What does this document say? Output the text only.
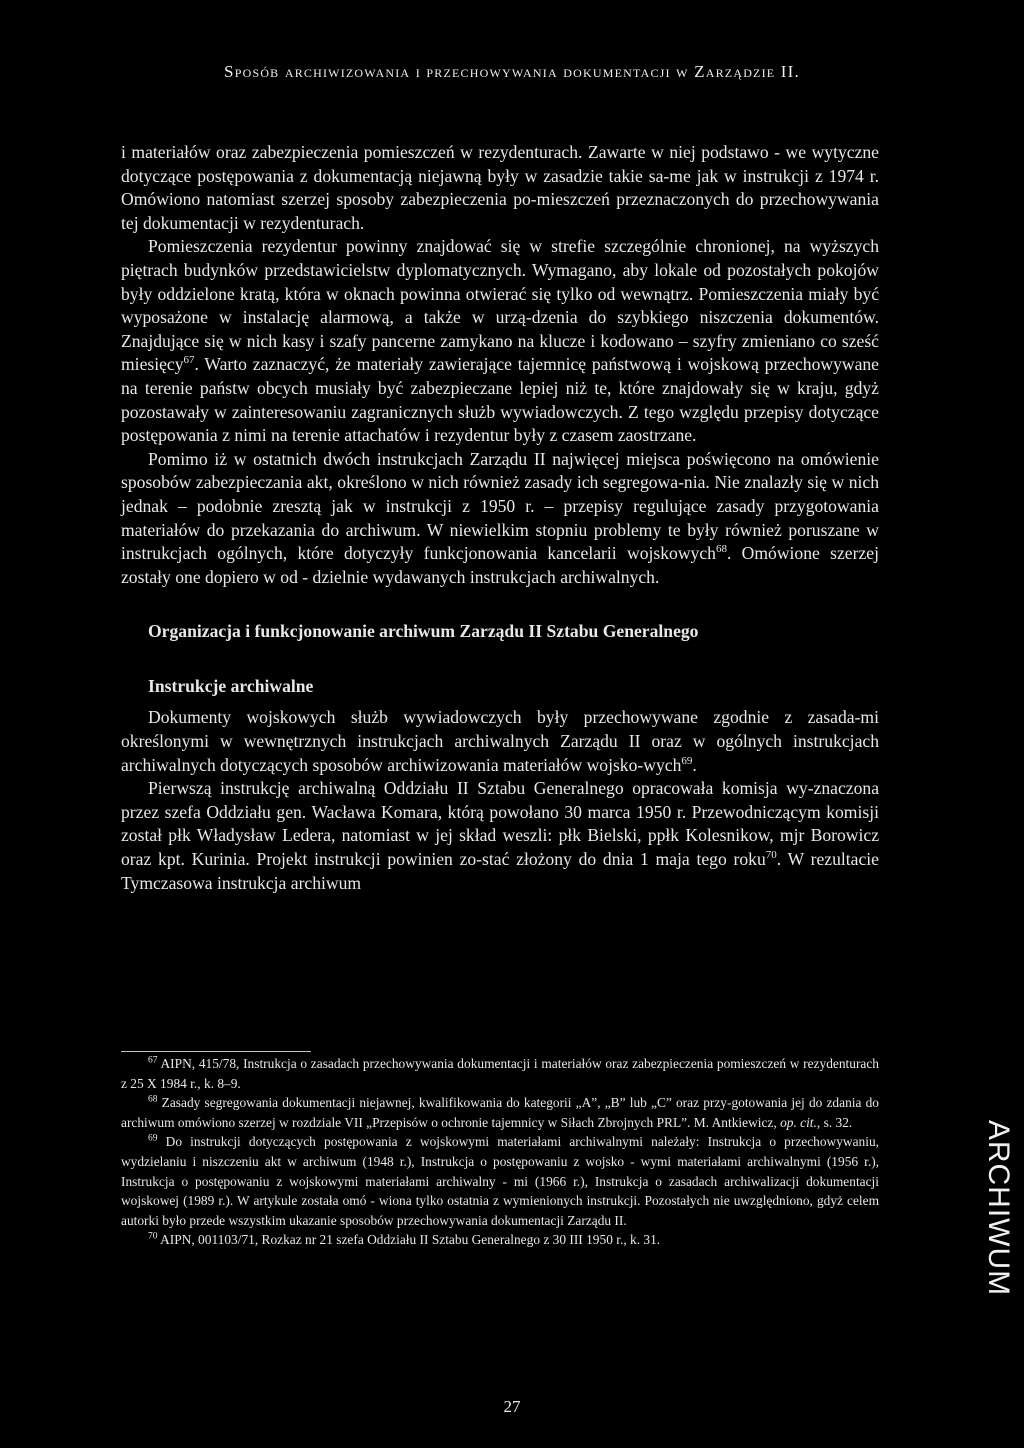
Sposób archiwizowania i przechowywania dokumentacji w Zarządzie II.

i materiałów oraz zabezpieczenia pomieszczeń w rezydenturach. Zawarte w niej podstawo - we wytyczne dotyczące postępowania z dokumentacją niejawną były w zasadzie takie sa-me jak w instrukcji z 1974 r. Omówiono natomiast szerzej sposoby zabezpieczenia po-mieszczeń przeznaczonych do przechowywania tej dokumentacji w rezydenturach.

Pomieszczenia rezydentur powinny znajdować się w strefie szczególnie chronionej, na wyższych piętrach budynków przedstawicielstw dyplomatycznych. Wymagano, aby lokale od pozostałych pokojów były oddzielone kratą, która w oknach powinna otwierać się tylko od wewnątrz. Pomieszczenia miały być wyposażone w instalację alarmową, a także w urzą-dzenia do szybkiego niszczenia dokumentów. Znajdujące się w nich kasy i szafy pancerne zamykano na klucze i kodowano – szyfry zmieniano co sześć miesięcy$^{67}$. Warto zaznaczyć, że materiały zawierające tajemnicę państwową i wojskową przechowywane na terenie państw obcych musiały być zabezpieczane lepiej niż te, które znajdowały się w kraju, gdyż pozostawały w zainteresowaniu zagranicznych służb wywiadowczych. Z tego względu przepisy dotyczące postępowania z nimi na terenie attachatów i rezydentur były z czasem zaostrzane.

Pomimo iż w ostatnich dwóch instrukcjach Zarządu II najwięcej miejsca poświęcono na omówienie sposobów zabezpieczania akt, określono w nich również zasady ich segregowa-nia. Nie znalazły się w nich jednak – podobnie zresztą jak w instrukcji z 1950 r. – przepisy regulujące zasady przygotowania materiałów do przekazania do archiwum. W niewielkim stopniu problemy te były również poruszane w instrukcjach ogólnych, które dotyczyły funkcjonowania kancelarii wojskowych$^{68}$. Omówione szerzej zostały one dopiero w od - dzielnie wydawanych instrukcjach archiwalnych.

Organizacja i funkcjonowanie archiwum Zarządu II Sztabu Generalnego

Instrukcje archiwalne

Dokumenty wojskowych służb wywiadowczych były przechowywane zgodnie z zasada-mi określonymi w wewnętrznych instrukcjach archiwalnych Zarządu II oraz w ogólnych instrukcjach archiwalnych dotyczących sposobów archiwizowania materiałów wojsko-wych$^{69}$.

Pierwszą instrukcję archiwalną Oddziału II Sztabu Generalnego opracowała komisja wy-znaczona przez szefa Oddziału gen. Wacława Komara, którą powołano 30 marca 1950 r. Przewodniczącym komisji został płk Władysław Ledera, natomiast w jej skład weszli: płk Bielski, ppłk Kolesnikow, mjr Borowicz oraz kpt. Kurinia. Projekt instrukcji powinien zo-stać złożony do dnia 1 maja tego roku$^{70}$. W rezultacie Tymczasowa instrukcja archiwum

$^{67}$ AIPN, 415/78, Instrukcja o zasadach przechowywania dokumentacji i materiałów oraz zabezpieczenia pomieszczeń w rezydenturach z 25 X 1984 r., k. 8–9.

$^{68}$ Zasady segregowania dokumentacji niejawnej, kwalifikowania do kategorii „A”, „B” lub „C” oraz przy-gotowania jej do zdania do archiwum omówiono szerzej w rozdziale VII „Przepisów o ochronie tajemnicy w Siłach Zbrojnych PRL”. M. Antkiewicz, op. cit., s. 32.

$^{69}$ Do instrukcji dotyczących postępowania z wojskowymi materiałami archiwalnymi należały: Instrukcja o przechowywaniu, wydzielaniu i niszczeniu akt w archiwum (1948 r.), Instrukcja o postępowaniu z wojsko - wymi materiałami archiwalnymi (1956 r.), Instrukcja o postępowaniu z wojskowymi materiałami archiwalny - mi (1966 r.), Instrukcja o zasadach archiwalizacji dokumentacji wojskowej (1989 r.). W artykule została omó - wiona tylko ostatnia z wymienionych instrukcji. Pozostałych nie uwzględniono, gdyż celem autorki było przede wszystkim ukazanie sposobów przechowywania dokumentacji Zarządu II.

$^{70}$ AIPN, 001103/71, Rozkaz nr 21 szefa Oddziału II Sztabu Generalnego z 30 III 1950 r., k. 31.	ARCHIWUM
27
